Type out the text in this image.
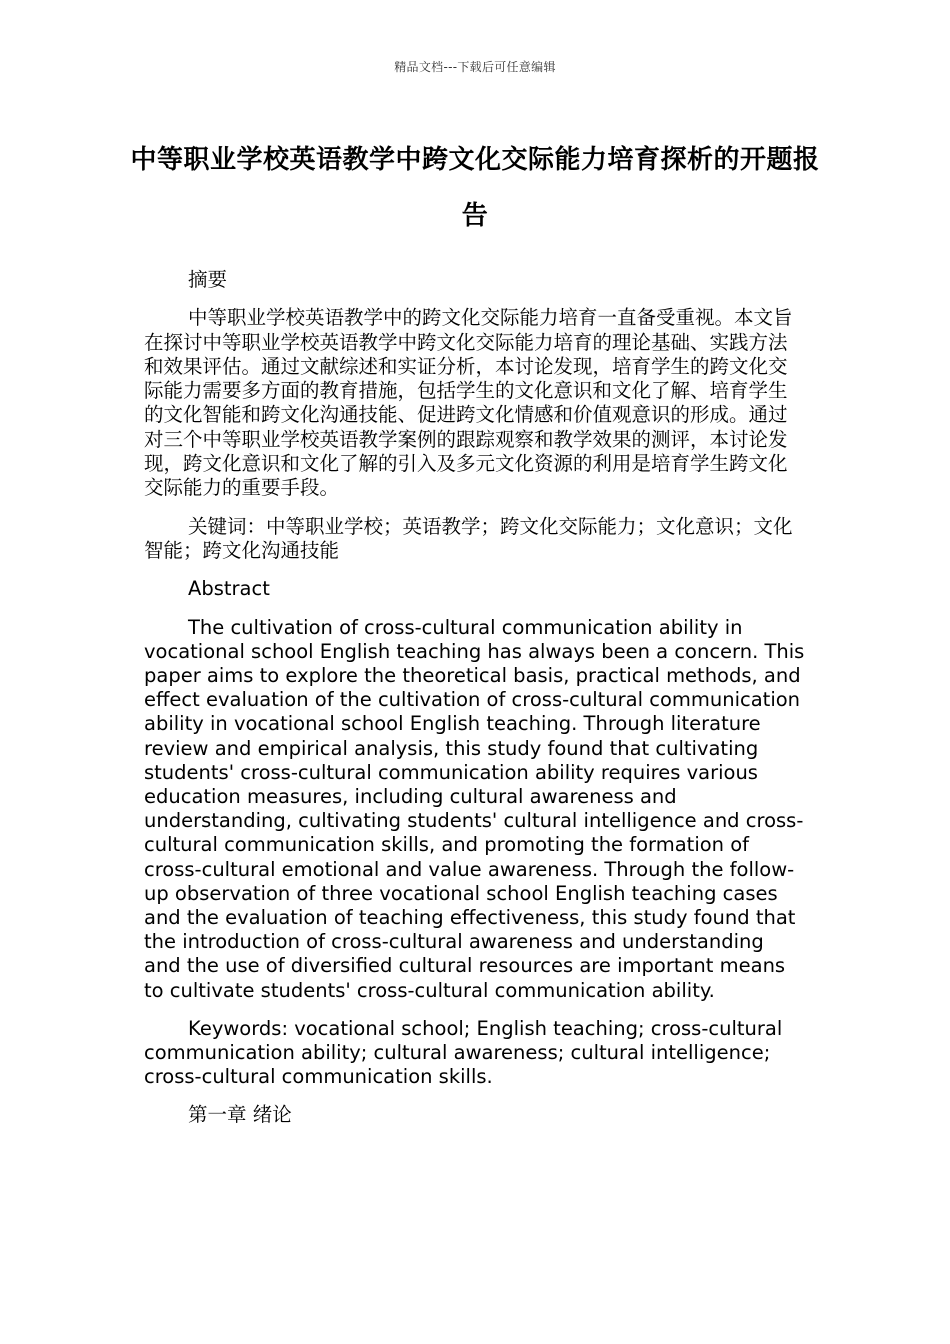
精品文档---下载后可任意编辑
中等职业学校英语教学中跨文化交际能力培育探析的开题报告

摘要

中等职业学校英语教学中的跨文化交际能力培育一直备受重视。本文旨在探讨中等职业学校英语教学中跨文化交际能力培育的理论基础、实践方法和效果评估。通过文献综述和实证分析，本讨论发现，培育学生的跨文化交际能力需要多方面的教育措施，包括学生的文化意识和文化了解、培育学生的文化智能和跨文化沟通技能、促进跨文化情感和价值观意识的形成。通过对三个中等职业学校英语教学案例的跟踪观察和教学效果的测评，本讨论发现，跨文化意识和文化了解的引入及多元文化资源的利用是培育学生跨文化交际能力的重要手段。

关键词：中等职业学校；英语教学；跨文化交际能力；文化意识；文化智能；跨文化沟通技能

Abstract

The cultivation of cross-cultural communication ability in vocational school English teaching has always been a concern. This paper aims to explore the theoretical basis, practical methods, and effect evaluation of the cultivation of cross-cultural communication ability in vocational school English teaching. Through literature review and empirical analysis, this study found that cultivating students' cross-cultural communication ability requires various education measures, including cultural awareness and understanding, cultivating students' cultural intelligence and cross-cultural communication skills, and promoting the formation of cross-cultural emotional and value awareness. Through the follow-up observation of three vocational school English teaching cases and the evaluation of teaching effectiveness, this study found that the introduction of cross-cultural awareness and understanding and the use of diversified cultural resources are important means to cultivate students' cross-cultural communication ability.

Keywords: vocational school; English teaching; cross-cultural communication ability; cultural awareness; cultural intelligence; cross-cultural communication skills.

第一章 绪论
